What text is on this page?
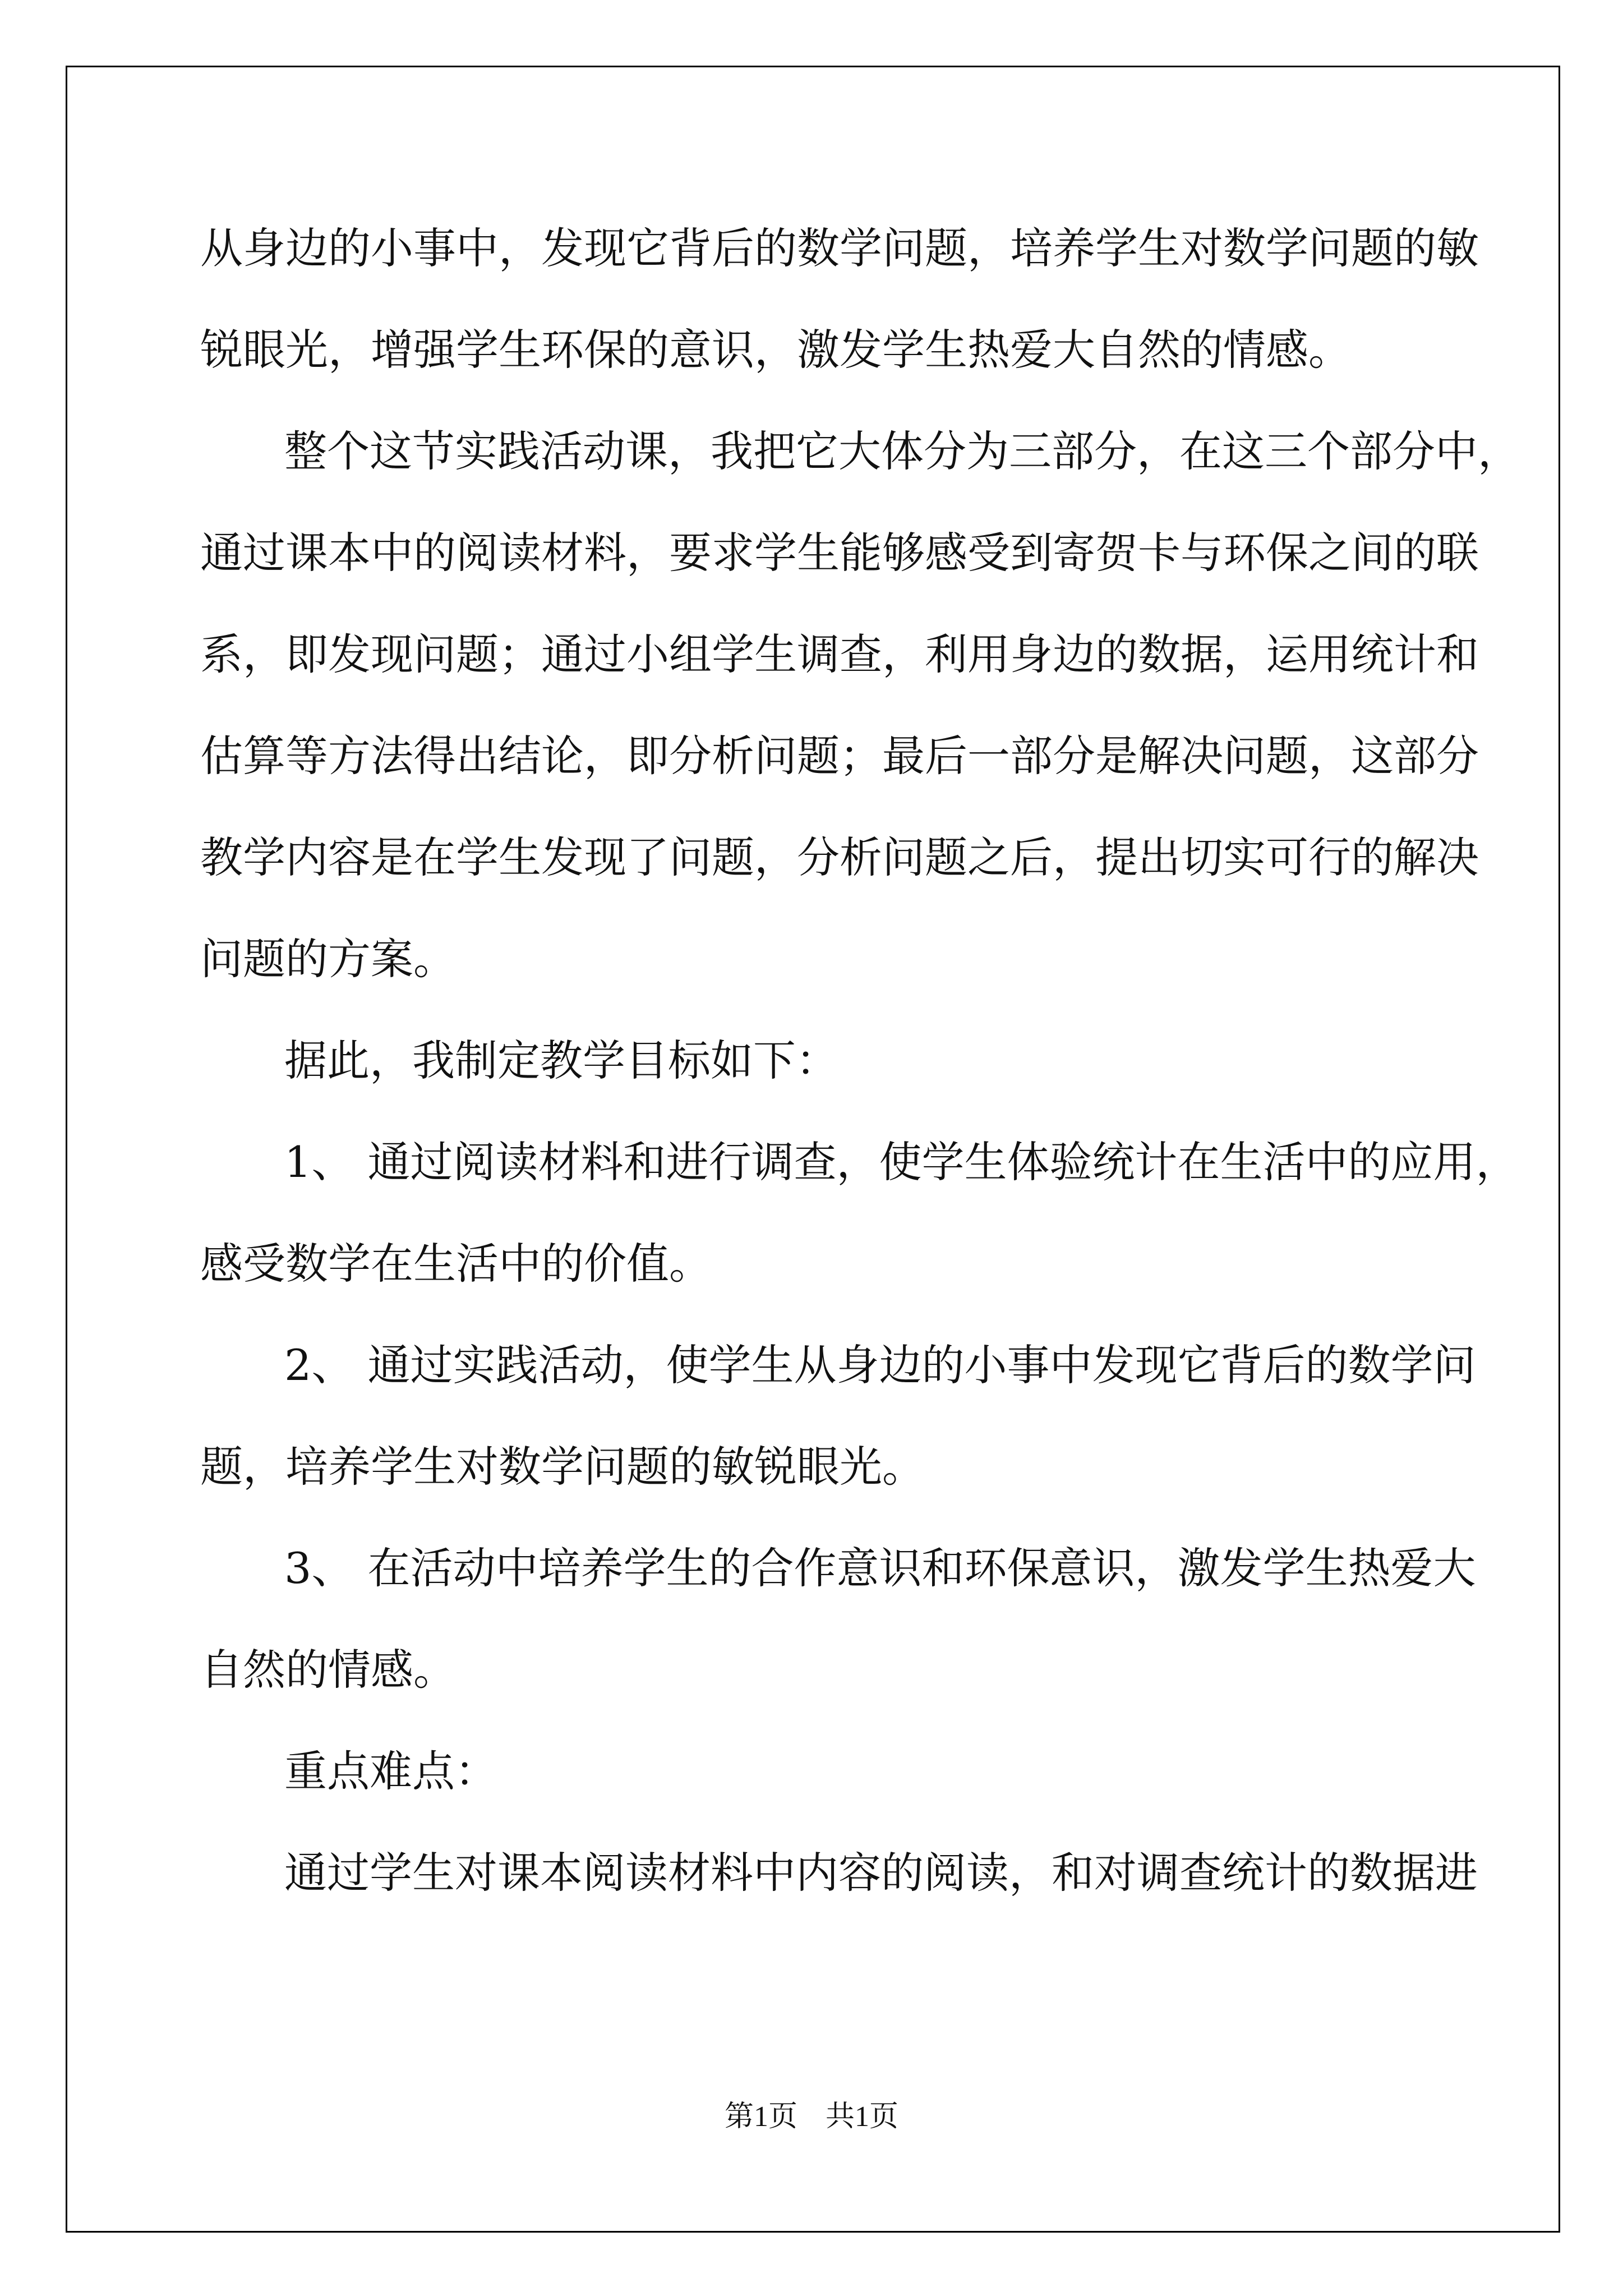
从身边的小事中，发现它背后的数学问题，培养学生对数学问题的敏
锐眼光，增强学生环保的意识，激发学生热爱大自然的情感。
整个这节实践活动课，我把它大体分为三部分，在这三个部分中，
通过课本中的阅读材料，要求学生能够感受到寄贺卡与环保之间的联
系，即发现问题；通过小组学生调查，利用身边的数据，运用统计和
估算等方法得出结论，即分析问题；最后一部分是解决问题，这部分
教学内容是在学生发现了问题，分析问题之后，提出切实可行的解决
问题的方案。
据此，我制定教学目标如下：
1、 通过阅读材料和进行调查，使学生体验统计在生活中的应用，
感受数学在生活中的价值。
2、 通过实践活动，使学生从身边的小事中发现它背后的数学问
题，培养学生对数学问题的敏锐眼光。
3、 在活动中培养学生的合作意识和环保意识，激发学生热爱大
自然的情感。
重点难点：
通过学生对课本阅读材料中内容的阅读，和对调查统计的数据进
第1页 共1页
